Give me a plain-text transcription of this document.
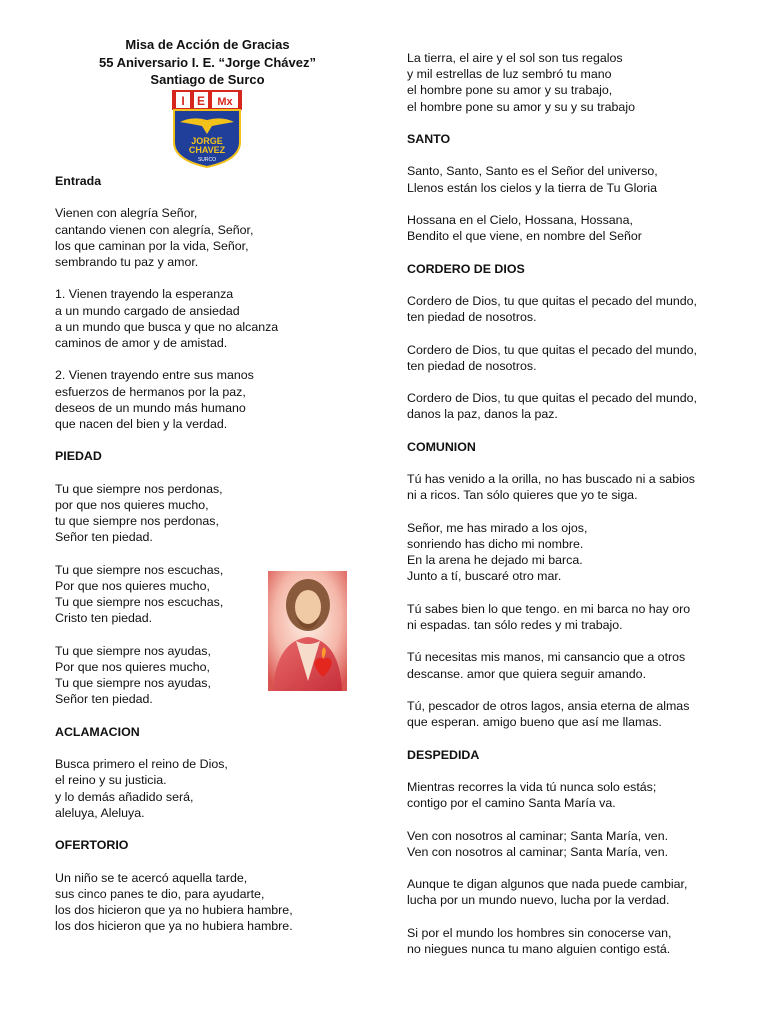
Misa de Acción de Gracias
55 Aniversario I. E. “Jorge Chávez”
Santiago de Surco
I E Mx
JORGE
CHAVEZ
SURCO
Entrada
Vienen con alegría Señor,
cantando vienen con alegría, Señor,
los que caminan por la vida, Señor,
sembrando tu paz y amor.
1. Vienen trayendo la esperanza
a un mundo cargado de ansiedad
a un mundo que busca y que no alcanza
caminos de amor y de amistad.
2. Vienen trayendo entre sus manos
esfuerzos de hermanos por la paz,
deseos de un mundo más humano
que nacen del bien y la verdad.
PIEDAD
Tu que siempre nos perdonas,
por que nos quieres mucho,
tu que siempre nos perdonas,
Señor ten piedad.
Tu que siempre nos escuchas,
Por que nos quieres mucho,
Tu que siempre nos escuchas,
Cristo ten piedad.
Tu que siempre nos ayudas,
Por que nos quieres mucho,
Tu que siempre nos ayudas,
Señor ten piedad.
ACLAMACION
Busca primero el reino de Dios,
el reino y su justicia.
y lo demás añadido será,
aleluya, Aleluya.
OFERTORIO
Un niño se te acercó aquella tarde,
sus cinco panes te dio, para ayudarte,
los dos hicieron que ya no hubiera hambre,
los dos hicieron que ya no hubiera hambre.
La tierra, el aire y el sol son tus regalos
y mil estrellas de luz sembró tu mano
el hombre pone su amor y su trabajo,
el hombre pone su amor y su y su trabajo
SANTO
Santo, Santo, Santo es el Señor del universo,
Llenos están los cielos y la tierra de Tu Gloria
Hossana en el Cielo, Hossana, Hossana,
Bendito el que viene, en nombre del Señor
CORDERO DE DIOS
Cordero de Dios, tu que quitas el pecado del mundo,
ten piedad de nosotros.
Cordero de Dios, tu que quitas el pecado del mundo,
ten piedad de nosotros.
Cordero de Dios, tu que quitas el pecado del mundo,
danos la paz, danos la paz.
COMUNION
Tú has venido a la orilla, no has buscado ni a sabios
ni a ricos. Tan sólo quieres que yo te siga.
Señor, me has mirado a los ojos,
sonriendo has dicho mi nombre.
En la arena he dejado mi barca.
Junto a tí, buscaré otro mar.
Tú sabes bien lo que tengo. en mi barca no hay oro
ni espadas. tan sólo redes y mi trabajo.
Tú necesitas mis manos, mi cansancio que a otros
descanse. amor que quiera seguir amando.
Tú, pescador de otros lagos, ansia eterna de almas
que esperan. amigo bueno que así me llamas.
DESPEDIDA
Mientras recorres la vida tú nunca solo estás;
contigo por el camino Santa María va.
Ven con nosotros al caminar; Santa María, ven.
Ven con nosotros al caminar; Santa María, ven.
Aunque te digan algunos que nada puede cambiar,
lucha por un mundo nuevo, lucha por la verdad.
Si por el mundo los hombres sin conocerse van,
no niegues nunca tu mano alguien contigo está.
